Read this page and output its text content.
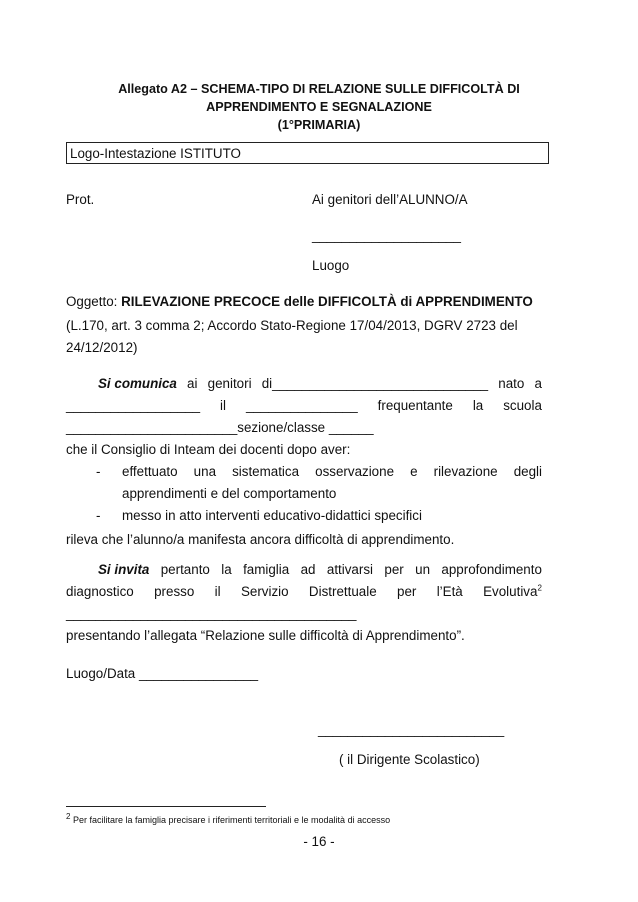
Allegato A2 – SCHEMA-TIPO DI RELAZIONE SULLE DIFFICOLTÀ DI
APPRENDIMENTO E SEGNALAZIONE
(1°PRIMARIA)
Logo-Intestazione ISTITUTO
Prot.	Ai genitori dell’ALUNNO/A
____________________
Luogo
Oggetto: RILEVAZIONE PRECOCE delle DIFFICOLTÀ di APPRENDIMENTO
(L.170, art. 3 comma 2; Accordo Stato-Regione 17/04/2013, DGRV 2723 del
24/12/2012)
Si comunica ai genitori di_____________________________ nato a
__________________ il _______________ frequentante la scuola
_______________________sezione/classe ______
che il Consiglio di Inteam dei docenti dopo aver:
- effettuato una sistematica osservazione e rilevazione degli
apprendimenti e del comportamento
- messo in atto interventi educativo-didattici specifici
rileva che l’alunno/a manifesta ancora difficoltà di apprendimento.
Si invita pertanto la famiglia ad attivarsi per un approfondimento
diagnostico presso il Servizio Distrettuale per l’Età Evolutiva$^2$
_______________________________________
presentando l’allegata “Relazione sulle difficoltà di Apprendimento”.
Luogo/Data ________________
_________________________
( il Dirigente Scolastico)
$^2$ Per facilitare la famiglia precisare i riferimenti territoriali e le modalità di accesso
- 16 -
